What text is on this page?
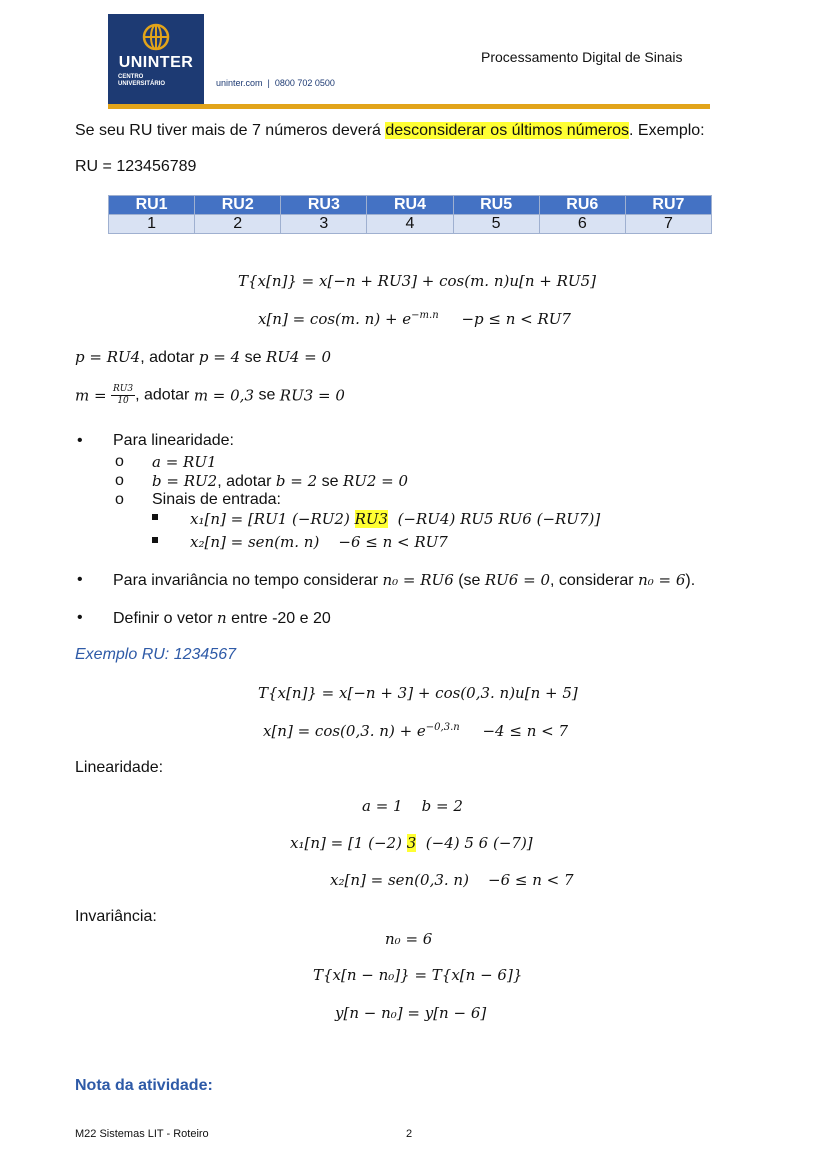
UNINTER
CENTRO
UNIVERSITÁRIO	uninter.com  |  0800 702 0500
Processamento Digital de Sinais
Se seu RU tiver mais de 7 números deverá desconsiderar os últimos números. Exemplo:
RU = 123456789
RU1	RU2	RU3	RU4	RU5	RU6	RU7
1	2	3	4	5	6	7
T{x[n]} = x[−n + RU3] + cos(m. n)u[n + RU5]
x[n] = cos(m. $n) + e^{-m.n} -p \le n < RU7$
p = RU4, adotar p = 4 se RU4 = 0
$m = \frac{RU3}{10}$ , adotar m = 0,3 se RU3 = 0
• Para linearidade:
o a = RU1
o b = RU2, adotar b = 2 se RU2 = 0
o Sinais de entrada:
x₁[n] = [RU1 (−RU2) RU3  (−RU4) RU5 RU6 (−RU7)]
x₂[n] = sen(m. n)    −6 ≤ n < RU7
• Para invariância no tempo considerar n₀ = RU6 (se RU6 = 0, considerar n₀ = 6).
• Definir o vetor n entre -20 e 20
Exemplo RU: 1234567
T{x[n]} = x[−n + 3] + cos(0,3. n)u[n + 5]
x[n] = cos(0,3. $n) + e^{-0,3.n} -4 \le n < 7$
Linearidade:
a = 1    b = 2
x₁[n] = [1 (−2) 3  (−4) 5 6 (−7)]
x₂[n] = sen(0,3. n)    −6 ≤ n < 7
Invariância:
n₀ = 6
T{x[n − n₀]} = T{x[n − 6]}
y[n − n₀] = y[n − 6]
Nota da atividade:
M22 Sistemas LIT - Roteiro	2
